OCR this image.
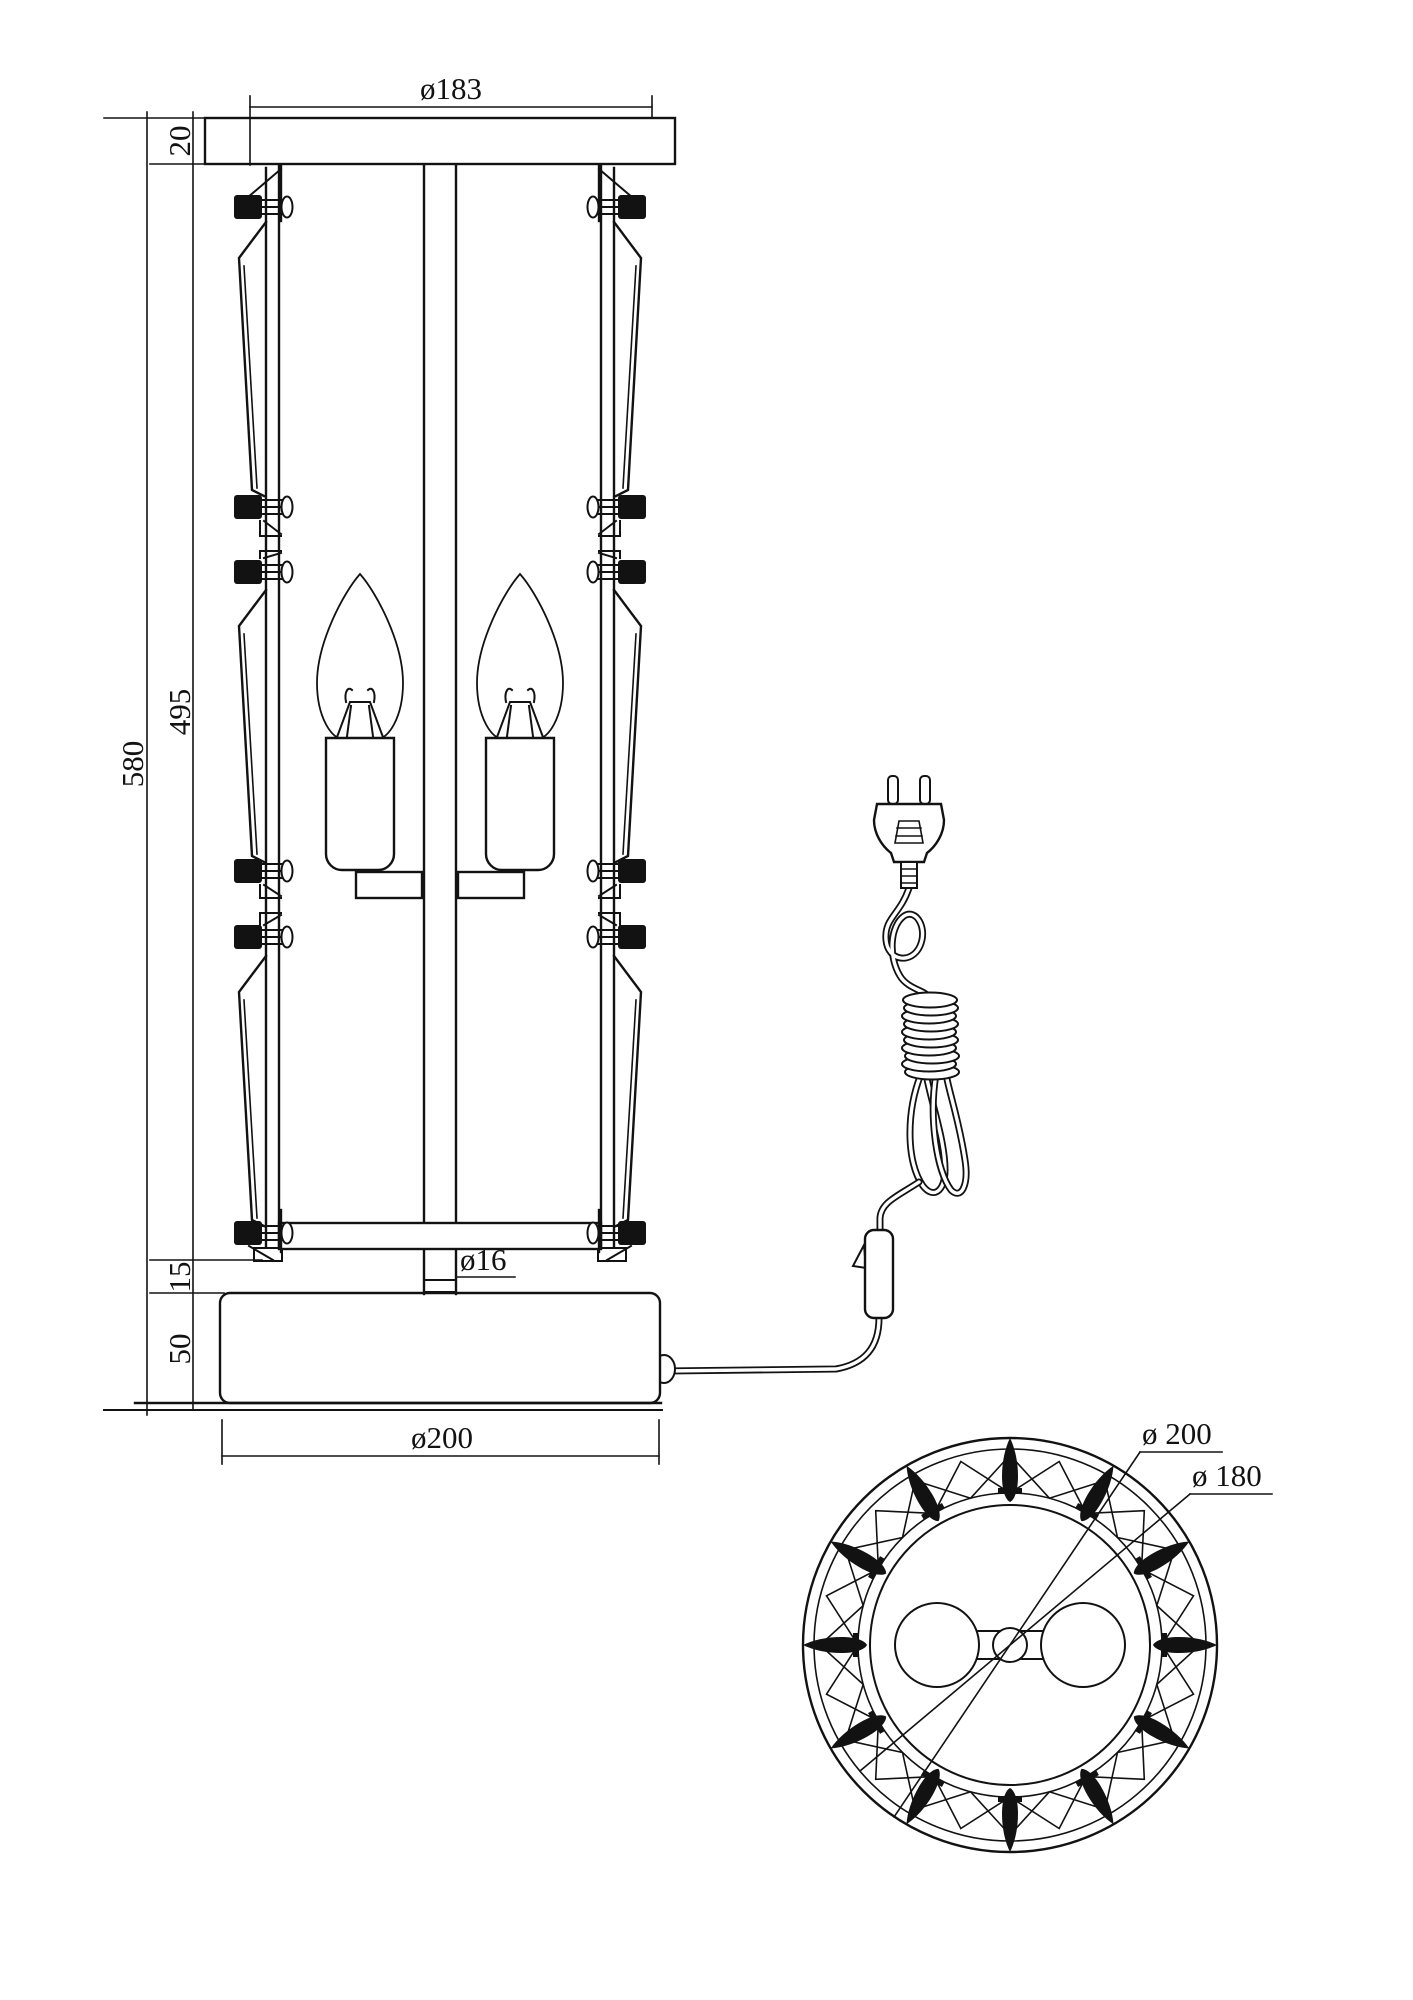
580
20
495
15
50
ø183
ø16
ø200	ø 200
ø 180
